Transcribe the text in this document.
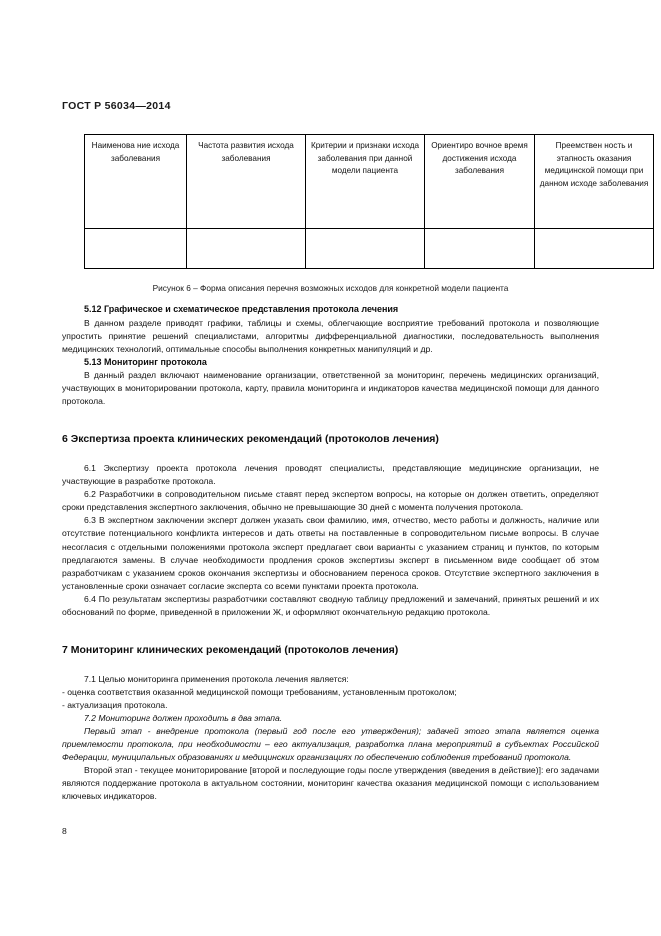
ГОСТ Р 56034—2014
Наименова ние исхода заболевания	Частота развития исхода заболевания	Критерии и признаки исхода заболевания при данной модели пациента	Ориентиро вочное время достижения исхода заболевания	Преемствен ность и этапность оказания медицинской помощи при данном исходе заболевания

Рисунок 6 – Форма описания перечня возможных исходов для конкретной модели пациента
5.12 Графическое и схематическое представления протокола лечения

В данном разделе приводят графики, таблицы и схемы, облегчающие восприятие требований протокола и позволяющие упростить принятие решений специалистами, алгоритмы дифференциальной диагностики, последовательность выполнения медицинских технологий, оптимальные способы выполнения конкретных манипуляций и др.

5.13 Мониторинг протокола

В данный раздел включают наименование организации, ответственной за мониторинг, перечень медицинских организаций, участвующих в мониторировании протокола, карту, правила мониторинга и индикаторов качества медицинской помощи для данного протокола.

6 Экспертиза проекта клинических рекомендаций (протоколов лечения)

6.1 Экспертизу проекта протокола лечения проводят специалисты, представляющие медицинские организации, не участвующие в разработке протокола.

6.2 Разработчики в сопроводительном письме ставят перед экспертом вопросы, на которые он должен ответить, определяют сроки представления экспертного заключения, обычно не превышающие 30 дней с момента получения протокола.

6.3 В экспертном заключении эксперт должен указать свои фамилию, имя, отчество, место работы и должность, наличие или отсутствие потенциального конфликта интересов и дать ответы на поставленные в сопроводительном письме вопросы. В случае несогласия с отдельными положениями протокола эксперт предлагает свои варианты с указанием страниц и пунктов, по которым предлагаются замены. В случае необходимости продления сроков экспертизы эксперт в письменном виде сообщает об этом разработчикам с указанием сроков окончания экспертизы и обоснованием переноса сроков. Отсутствие экспертного заключения в установленные сроки означает согласие эксперта со всеми пунктами проекта протокола.

6.4 По результатам экспертизы разработчики составляют сводную таблицу предложений и замечаний, принятых решений и их обоснований по форме, приведенной в приложении Ж, и оформляют окончательную редакцию протокола.

7 Мониторинг клинических рекомендаций (протоколов лечения)

7.1 Целью мониторинга применения протокола лечения является:

- оценка соответствия оказанной медицинской помощи требованиям, установленным протоколом;

- актуализация протокола.

7.2 Мониторинг должен проходить в два этапа.

Первый этап - внедрение протокола (первый год после его утверждения); задачей этого этапа является оценка приемлемости протокола, при необходимости – его актуализация, разработка плана мероприятий в субъектах Российской Федерации, муниципальных образованиях и медицинских организациях по обеспечению соблюдения требований протокола.

Второй этап - текущее мониторирование [второй и последующие годы после утверждения (введения в действие)]: его задачами являются поддержание протокола в актуальном состоянии, мониторинг качества оказания медицинской помощи с использованием ключевых индикаторов.

8
